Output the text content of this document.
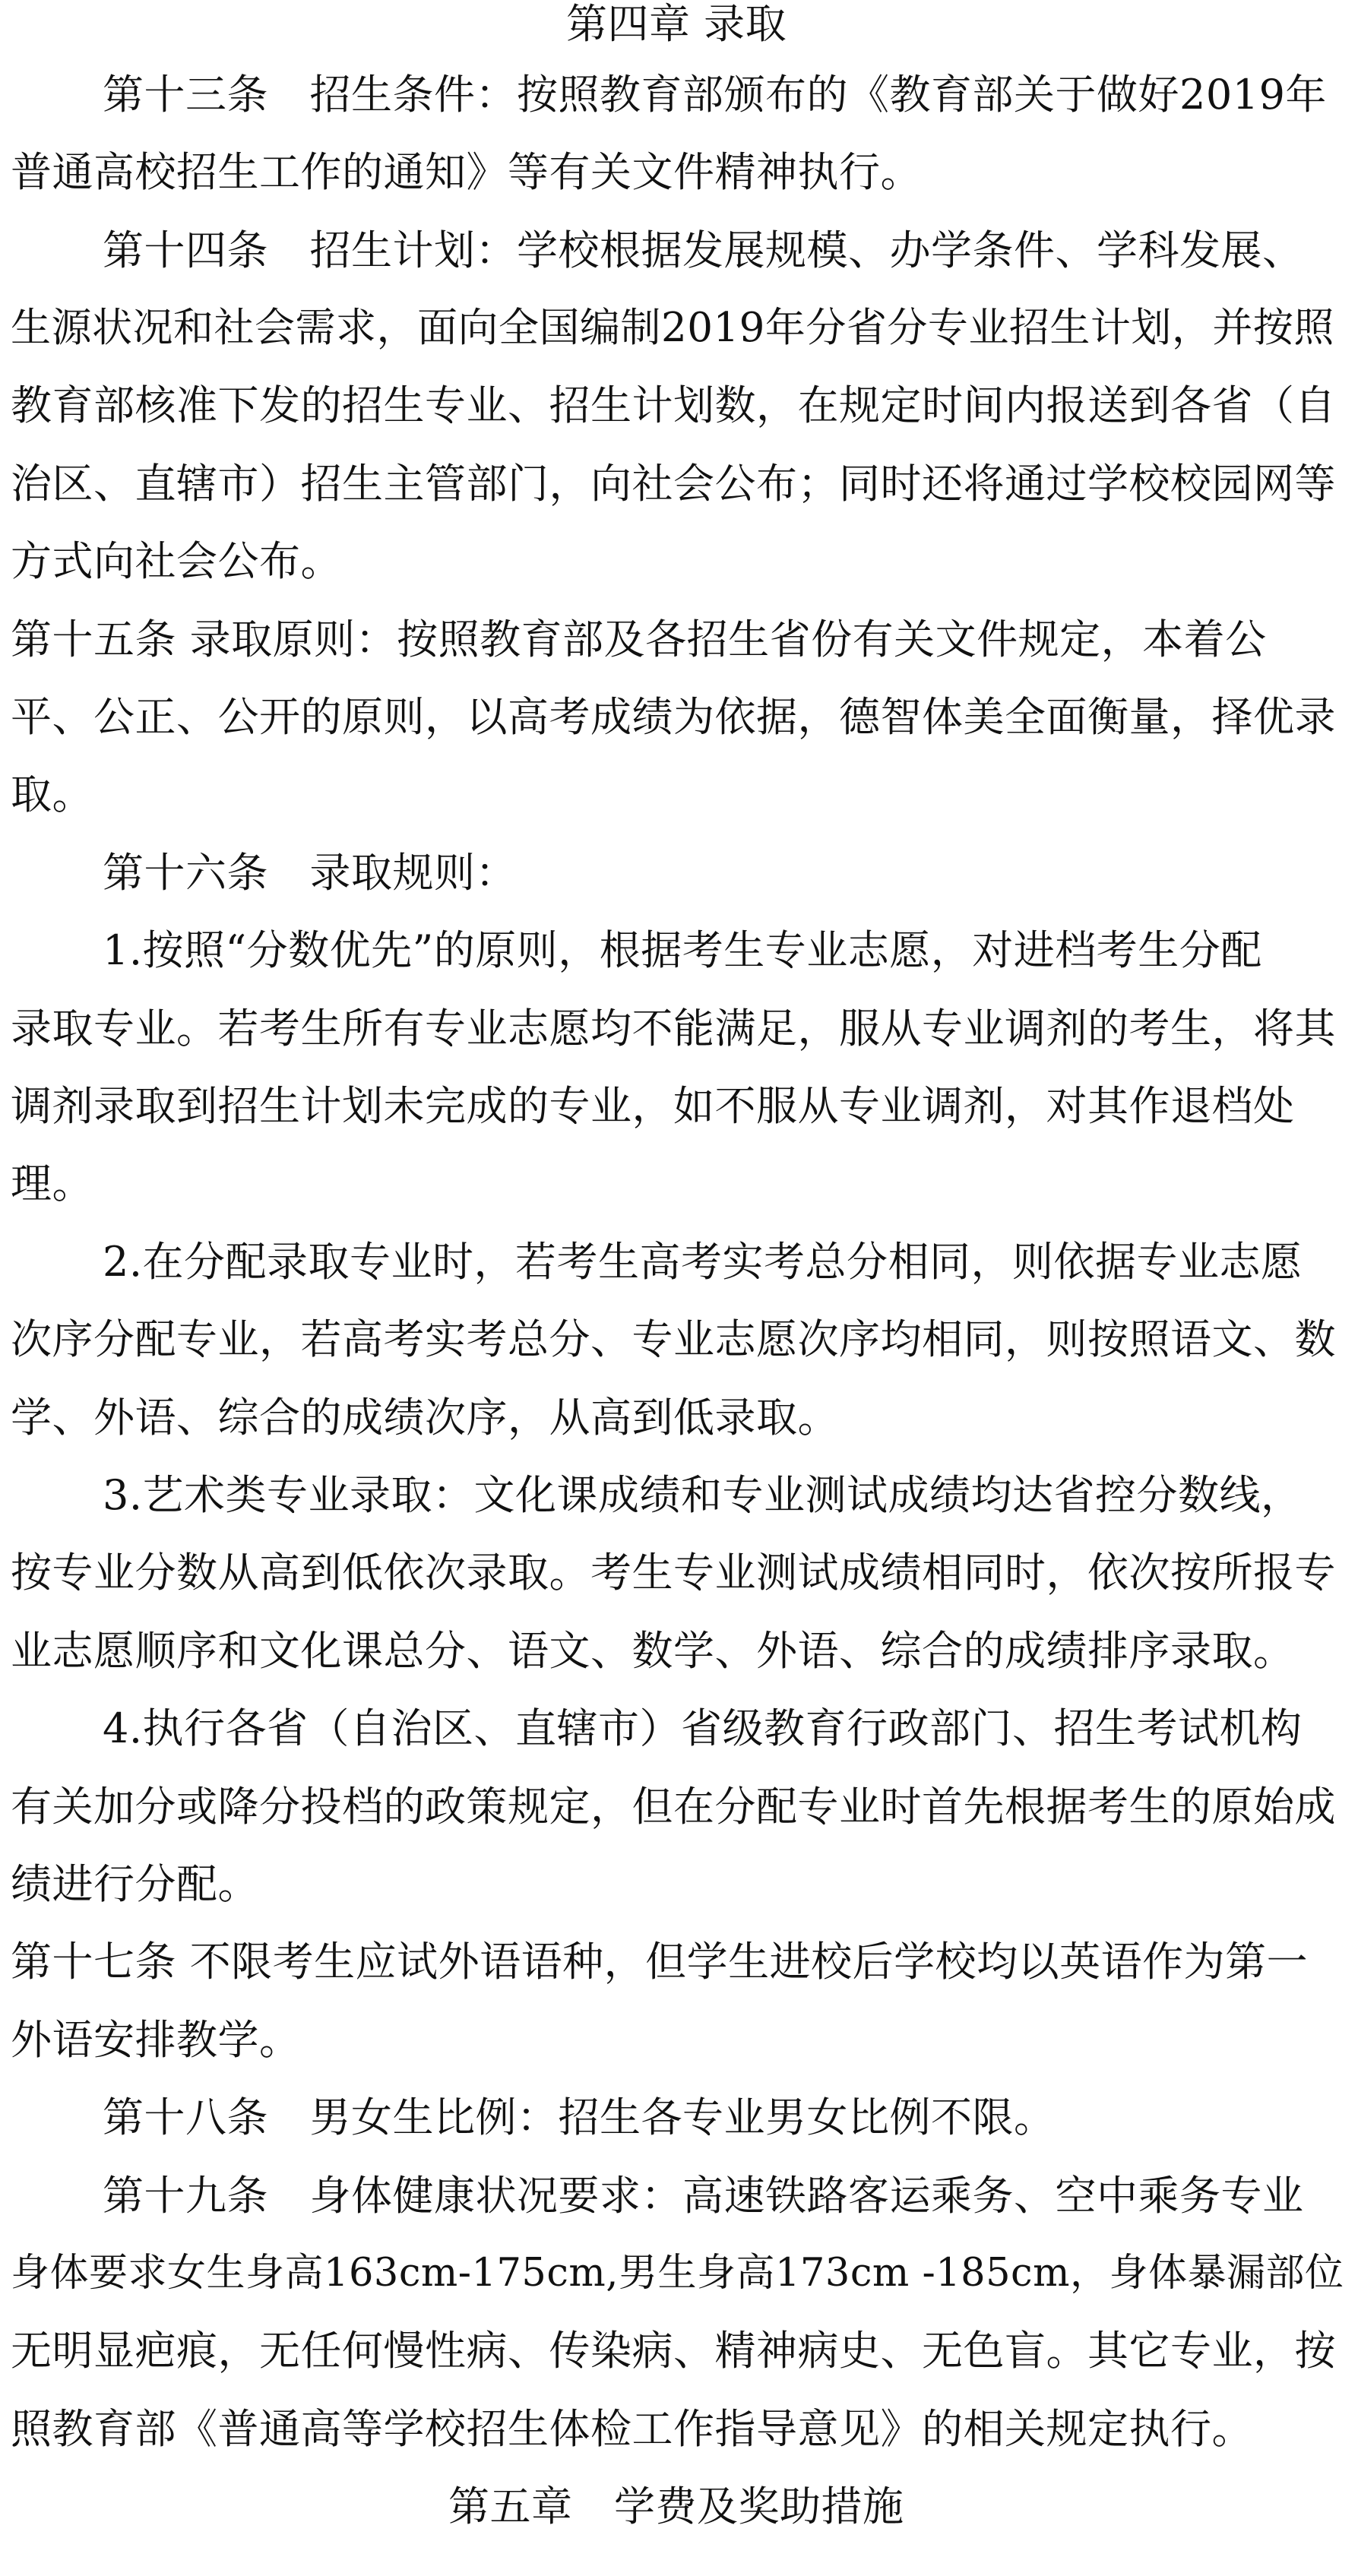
第四章 录取
第十三条　招生条件：按照教育部颁布的《教育部关于做好2019年
普通高校招生工作的通知》等有关文件精神执行。
第十四条　招生计划：学校根据发展规模、办学条件、学科发展、
生源状况和社会需求，面向全国编制2019年分省分专业招生计划，并按照
教育部核准下发的招生专业、招生计划数，在规定时间内报送到各省（自
治区、直辖市）招生主管部门，向社会公布；同时还将通过学校校园网等
方式向社会公布。
第十五条 录取原则：按照教育部及各招生省份有关文件规定，本着公
平、公正、公开的原则，以高考成绩为依据，德智体美全面衡量，择优录
取。
第十六条　录取规则：
1.按照“分数优先”的原则，根据考生专业志愿，对进档考生分配
录取专业。若考生所有专业志愿均不能满足，服从专业调剂的考生，将其
调剂录取到招生计划未完成的专业，如不服从专业调剂，对其作退档处
理。
2.在分配录取专业时，若考生高考实考总分相同，则依据专业志愿
次序分配专业，若高考实考总分、专业志愿次序均相同，则按照语文、数
学、外语、综合的成绩次序，从高到低录取。
3.艺术类专业录取：文化课成绩和专业测试成绩均达省控分数线，
按专业分数从高到低依次录取。考生专业测试成绩相同时，依次按所报专
业志愿顺序和文化课总分、语文、数学、外语、综合的成绩排序录取。
4.执行各省（自治区、直辖市）省级教育行政部门、招生考试机构
有关加分或降分投档的政策规定，但在分配专业时首先根据考生的原始成
绩进行分配。
第十七条 不限考生应试外语语种，但学生进校后学校均以英语作为第一
外语安排教学。
第十八条　男女生比例：招生各专业男女比例不限。
第十九条　身体健康状况要求：高速铁路客运乘务、空中乘务专业
身体要求女生身高163cm-175cm,男生身高173cm -185cm，身体暴漏部位
无明显疤痕，无任何慢性病、传染病、精神病史、无色盲。其它专业，按
照教育部《普通高等学校招生体检工作指导意见》的相关规定执行。
第五章　学费及奖助措施
